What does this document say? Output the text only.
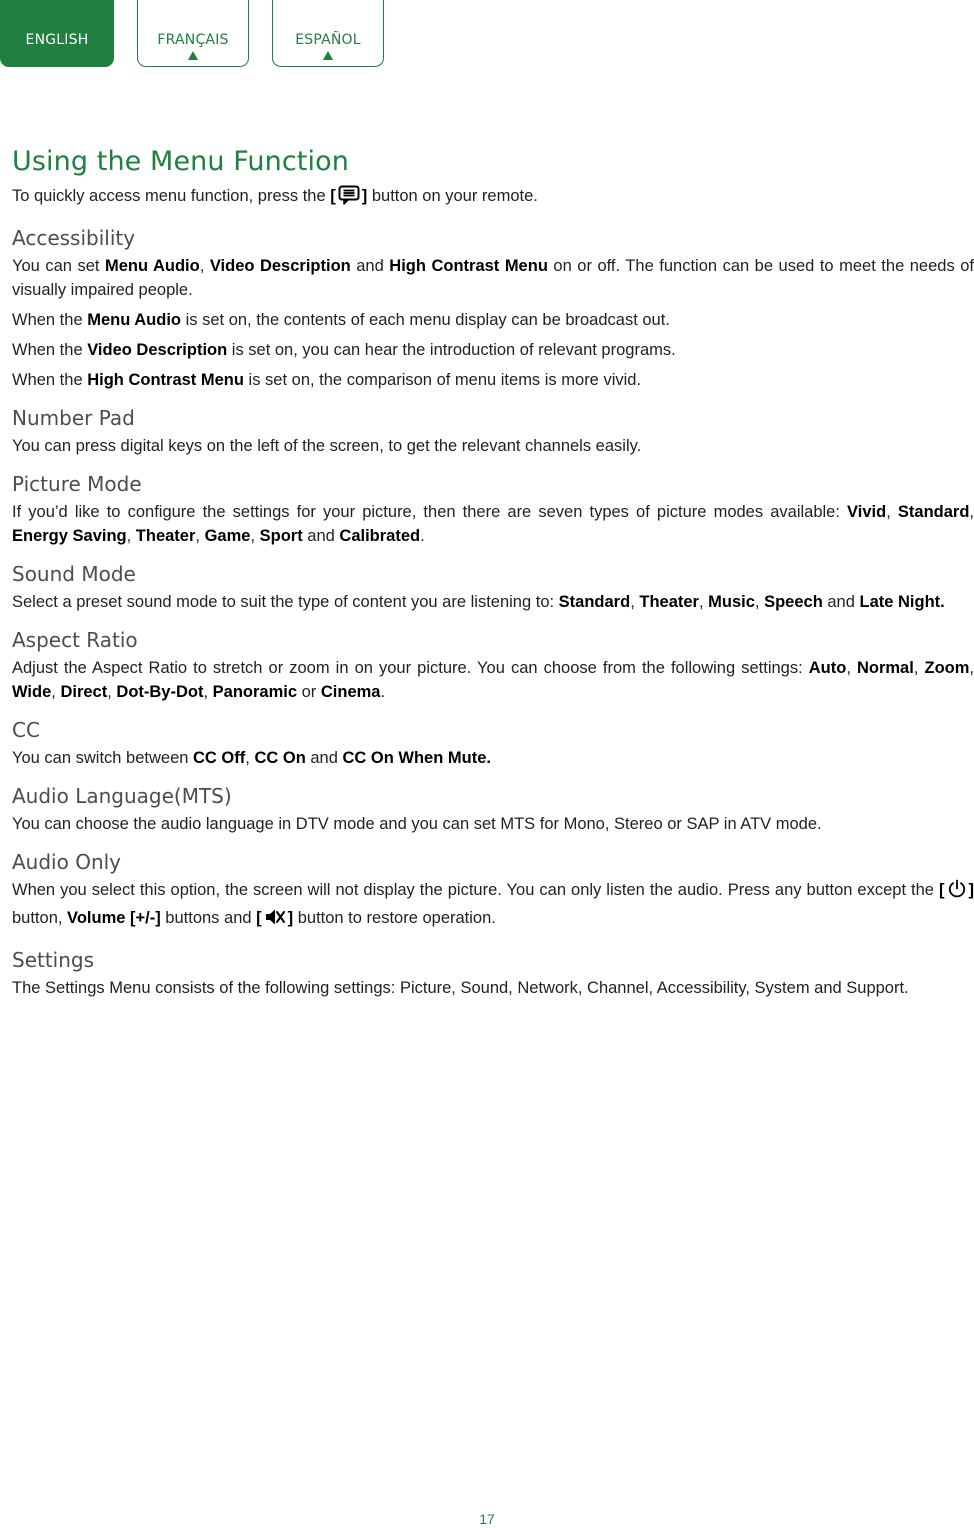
ENGLISH	FRANÇAIS	ESPAÑOL
Using the Menu Function

To quickly access menu function, press the [ ] button on your remote.

Accessibility

You can set Menu Audio, Video Description and High Contrast Menu on or off. The function can be used to meet the needs of visually impaired people.

When the Menu Audio is set on, the contents of each menu display can be broadcast out.

When the Video Description is set on, you can hear the introduction of relevant programs.

When the High Contrast Menu is set on, the comparison of menu items is more vivid.

Number Pad

You can press digital keys on the left of the screen, to get the relevant channels easily.

Picture Mode

If you’d like to configure the settings for your picture, then there are seven types of picture modes available: Vivid, Standard, Energy Saving, Theater, Game, Sport and Calibrated.

Sound Mode

Select a preset sound mode to suit the type of content you are listening to: Standard, Theater, Music, Speech and Late Night.

Aspect Ratio

Adjust the Aspect Ratio to stretch or zoom in on your picture. You can choose from the following settings: Auto, Normal, Zoom, Wide, Direct, Dot-By-Dot, Panoramic or Cinema.

CC

You can switch between CC Off, CC On and CC On When Mute.

Audio Language(MTS)

You can choose the audio language in DTV mode and you can set MTS for Mono, Stereo or SAP in ATV mode.

Audio Only

When you select this option, the screen will not display the picture. You can only listen the audio. Press any button except the [ ] button, Volume [+/-] buttons and [ ] button to restore operation.

Settings

The Settings Menu consists of the following settings: Picture, Sound, Network, Channel, Accessibility, System and Support.

17
